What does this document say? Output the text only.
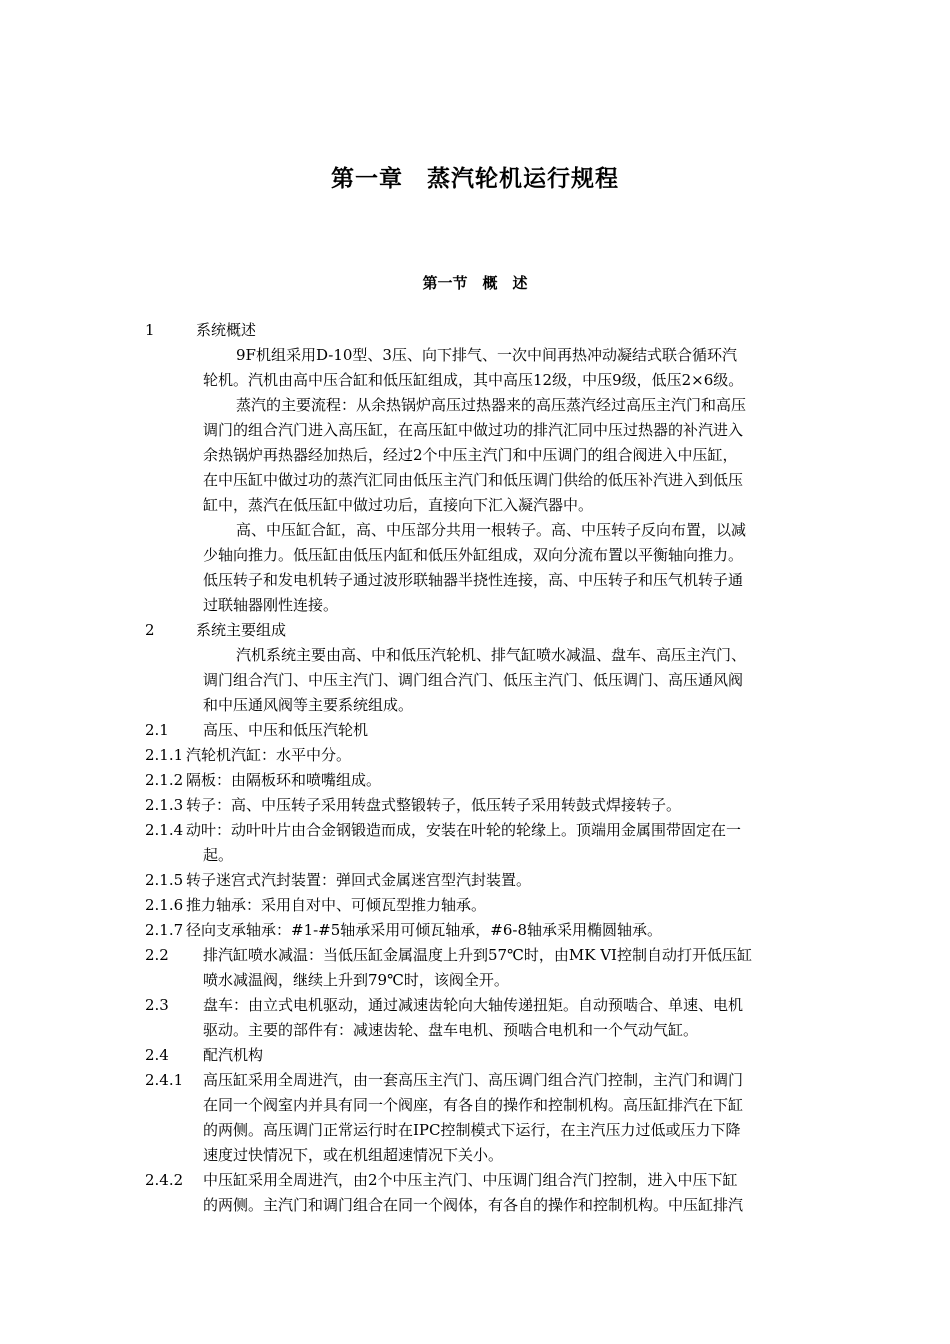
第一章　蒸汽轮机运行规程
第一节　概　述
1	系统概述
9F机组采用D-10型、3压、向下排气、一次中间再热冲动凝结式联合循环汽
轮机。汽机由高中压合缸和低压缸组成，其中高压12级，中压9级，低压2×6级。
蒸汽的主要流程：从余热锅炉高压过热器来的高压蒸汽经过高压主汽门和高压
调门的组合汽门进入高压缸，在高压缸中做过功的排汽汇同中压过热器的补汽进入
余热锅炉再热器经加热后，经过2个中压主汽门和中压调门的组合阀进入中压缸，
在中压缸中做过功的蒸汽汇同由低压主汽门和低压调门供给的低压补汽进入到低压
缸中，蒸汽在低压缸中做过功后，直接向下汇入凝汽器中。
高、中压缸合缸，高、中压部分共用一根转子。高、中压转子反向布置，以减
少轴向推力。低压缸由低压内缸和低压外缸组成，双向分流布置以平衡轴向推力。
低压转子和发电机转子通过波形联轴器半挠性连接，高、中压转子和压气机转子通
过联轴器刚性连接。
2	系统主要组成
汽机系统主要由高、中和低压汽轮机、排气缸喷水减温、盘车、高压主汽门、
调门组合汽门、中压主汽门、调门组合汽门、低压主汽门、低压调门、高压通风阀
和中压通风阀等主要系统组成。
2.1 高压、中压和低压汽轮机
2.1.1 汽轮机汽缸：水平中分。
2.1.2 隔板：由隔板环和喷嘴组成。
2.1.3 转子：高、中压转子采用转盘式整锻转子，低压转子采用转鼓式焊接转子。
2.1.4 动叶：动叶叶片由合金钢锻造而成，安装在叶轮的轮缘上。顶端用金属围带固定在一
起。
2.1.5 转子迷宫式汽封装置：弹回式金属迷宫型汽封装置。
2.1.6 推力轴承：采用自对中、可倾瓦型推力轴承。
2.1.7 径向支承轴承：#1-#5轴承采用可倾瓦轴承，#6-8轴承采用椭圆轴承。
2.2 排汽缸喷水减温：当低压缸金属温度上升到57℃时，由MK VI控制自动打开低压缸
喷水减温阀，继续上升到79℃时，该阀全开。
2.3 盘车：由立式电机驱动，通过减速齿轮向大轴传递扭矩。自动预啮合、单速、电机
驱动。主要的部件有：减速齿轮、盘车电机、预啮合电机和一个气动气缸。
2.4 配汽机构
2.4.1 高压缸采用全周进汽，由一套高压主汽门、高压调门组合汽门控制，主汽门和调门
在同一个阀室内并具有同一个阀座，有各自的操作和控制机构。高压缸排汽在下缸
的两侧。高压调门正常运行时在IPC控制模式下运行，在主汽压力过低或压力下降
速度过快情况下，或在机组超速情况下关小。
2.4.2 中压缸采用全周进汽，由2个中压主汽门、中压调门组合汽门控制，进入中压下缸
的两侧。主汽门和调门组合在同一个阀体，有各自的操作和控制机构。中压缸排汽
